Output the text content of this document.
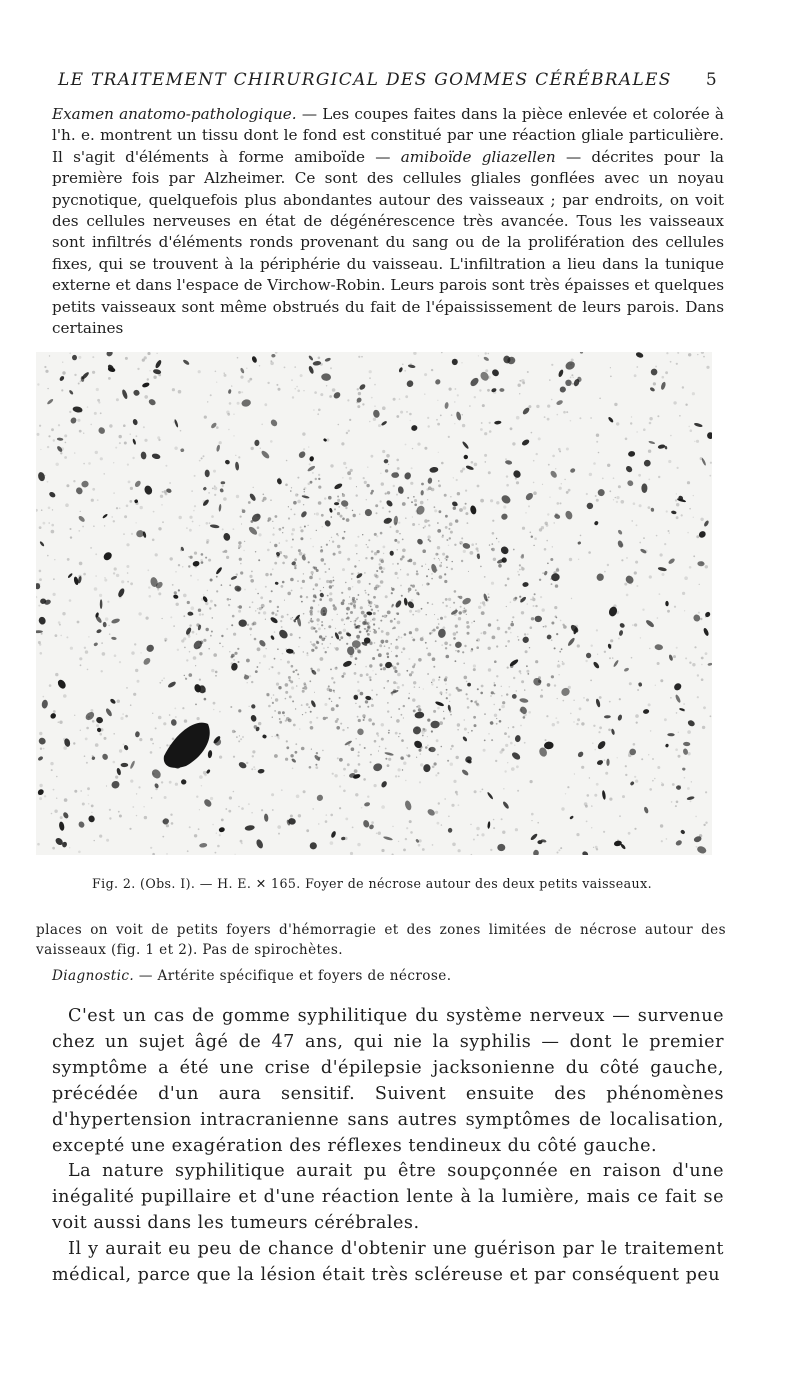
LE TRAITEMENT CHIRURGICAL DES GOMMES CÉRÉBRALES 5

Examen anatomo-pathologique. — Les coupes faites dans la pièce enlevée et colorée à l'h. e. montrent un tissu dont le fond est constitué par une réaction gliale particulière. Il s'agit d'éléments à forme amiboïde — amiboïde gliazellen — décrites pour la première fois par Alzheimer. Ce sont des cellules gliales gonflées avec un noyau pycnotique, quelquefois plus abondantes autour des vaisseaux ; par endroits, on voit des cellules nerveuses en état de dégénérescence très avancée. Tous les vaisseaux sont infiltrés d'éléments ronds provenant du sang ou de la prolifération des cellules fixes, qui se trouvent à la périphérie du vaisseau. L'infiltration a lieu dans la tunique externe et dans l'espace de Virchow-Robin. Leurs parois sont très épaisses et quelques petits vaisseaux sont même obstrués du fait de l'épaississement de leurs parois. Dans certaines

Fig. 2. (Obs. I). — H. E. ✕ 165. Foyer de nécrose autour des deux petits vaisseaux.

places on voit de petits foyers d'hémorragie et des zones limitées de nécrose autour des vaisseaux (fig. 1 et 2). Pas de spirochètes.

Diagnostic. — Artérite spécifique et foyers de nécrose.

C'est un cas de gomme syphilitique du système nerveux — survenue chez un sujet âgé de 47 ans, qui nie la syphilis — dont le premier symptôme a été une crise d'épilepsie jacksonienne du côté gauche, précédée d'un aura sensitif. Suivent ensuite des phénomènes d'hypertension intracranienne sans autres symptômes de localisation, excepté une exagération des réflexes tendineux du côté gauche.

La nature syphilitique aurait pu être soupçonnée en raison d'une inégalité pupillaire et d'une réaction lente à la lumière, mais ce fait se voit aussi dans les tumeurs cérébrales.

Il y aurait eu peu de chance d'obtenir une guérison par le traitement médical, parce que la lésion était très scléreuse et par conséquent peu
